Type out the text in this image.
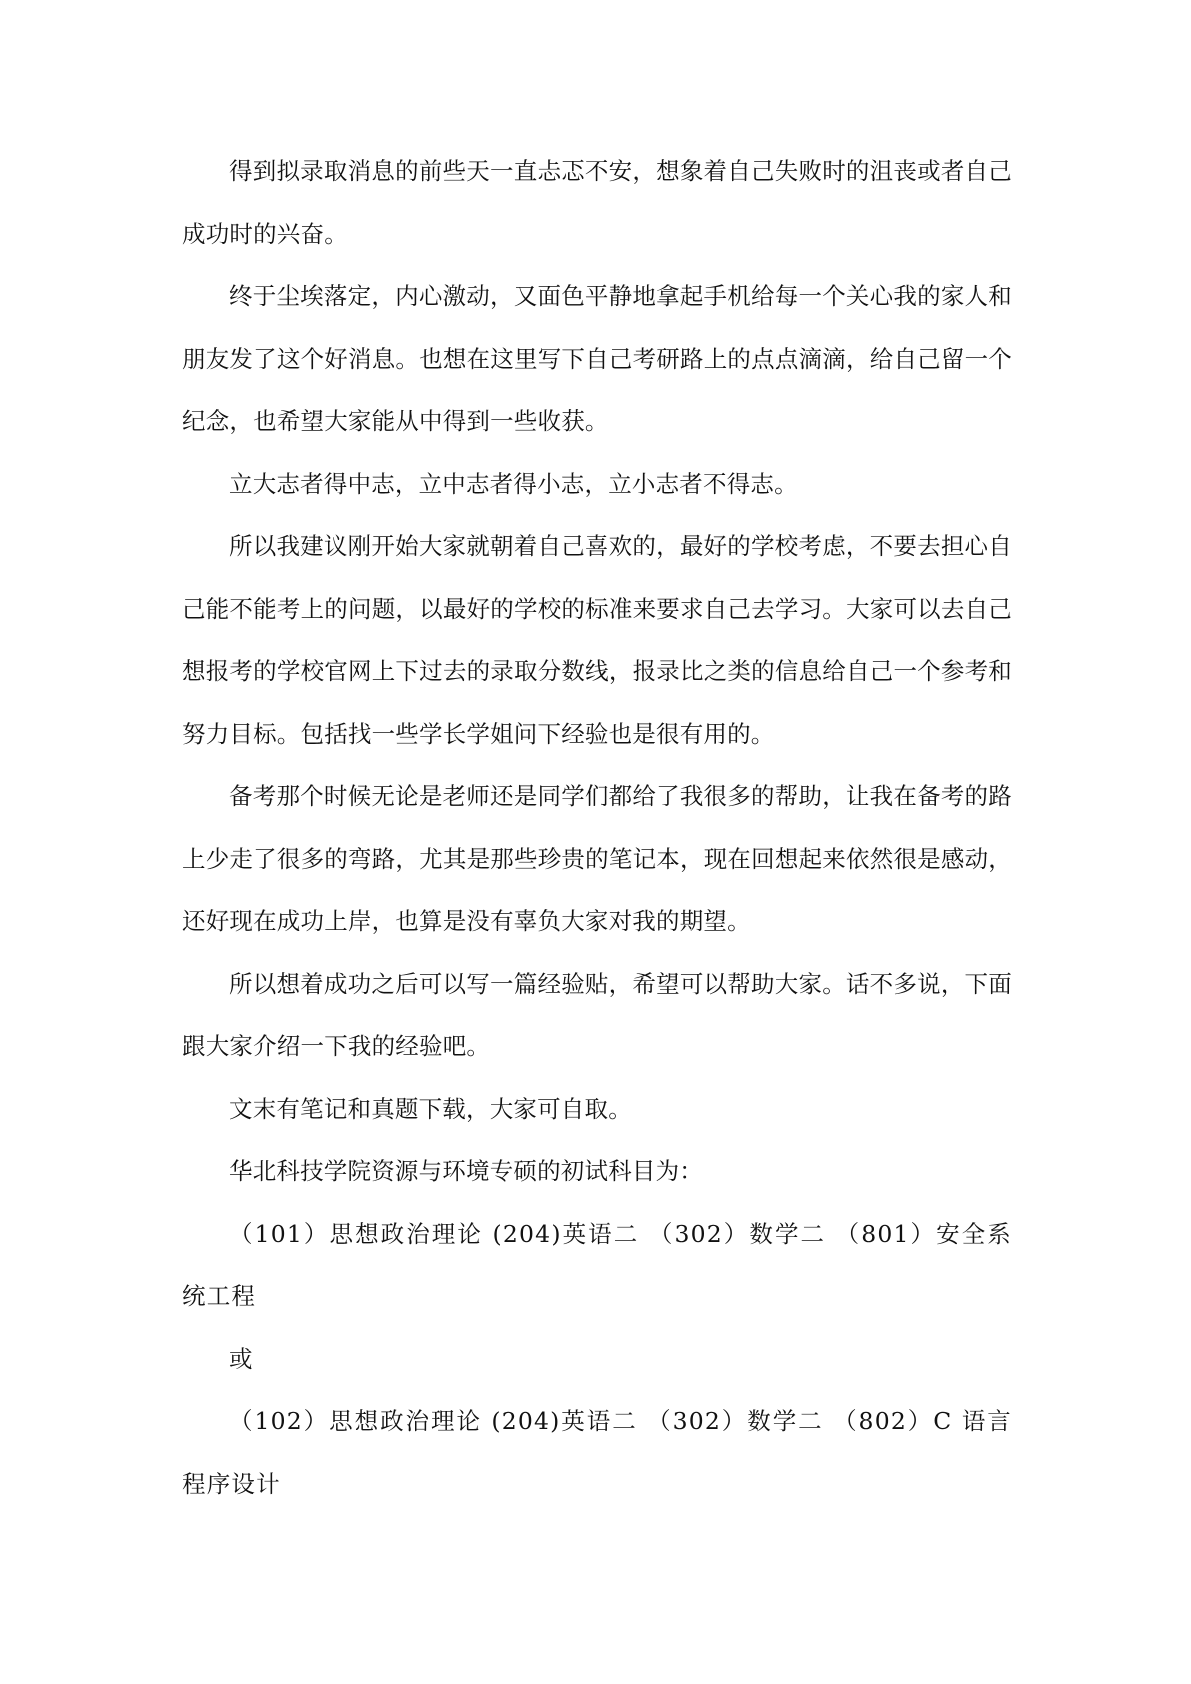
得到拟录取消息的前些天一直忐忑不安，想象着自己失败时的沮丧或者自己成功时的兴奋。

终于尘埃落定，内心激动，又面色平静地拿起手机给每一个关心我的家人和朋友发了这个好消息。也想在这里写下自己考研路上的点点滴滴，给自己留一个纪念，也希望大家能从中得到一些收获。

立大志者得中志，立中志者得小志，立小志者不得志。

所以我建议刚开始大家就朝着自己喜欢的，最好的学校考虑，不要去担心自己能不能考上的问题，以最好的学校的标准来要求自己去学习。大家可以去自己想报考的学校官网上下过去的录取分数线，报录比之类的信息给自己一个参考和努力目标。包括找一些学长学姐问下经验也是很有用的。

备考那个时候无论是老师还是同学们都给了我很多的帮助，让我在备考的路上少走了很多的弯路，尤其是那些珍贵的笔记本，现在回想起来依然很是感动，还好现在成功上岸，也算是没有辜负大家对我的期望。

所以想着成功之后可以写一篇经验贴，希望可以帮助大家。话不多说，下面跟大家介绍一下我的经验吧。

文末有笔记和真题下载，大家可自取。

华北科技学院资源与环境专硕的初试科目为：

（101）思想政治理论 (204)英语二 （302）数学二 （801）安全系统工程

或

（102）思想政治理论 (204)英语二 （302）数学二 （802）C 语言程序设计
